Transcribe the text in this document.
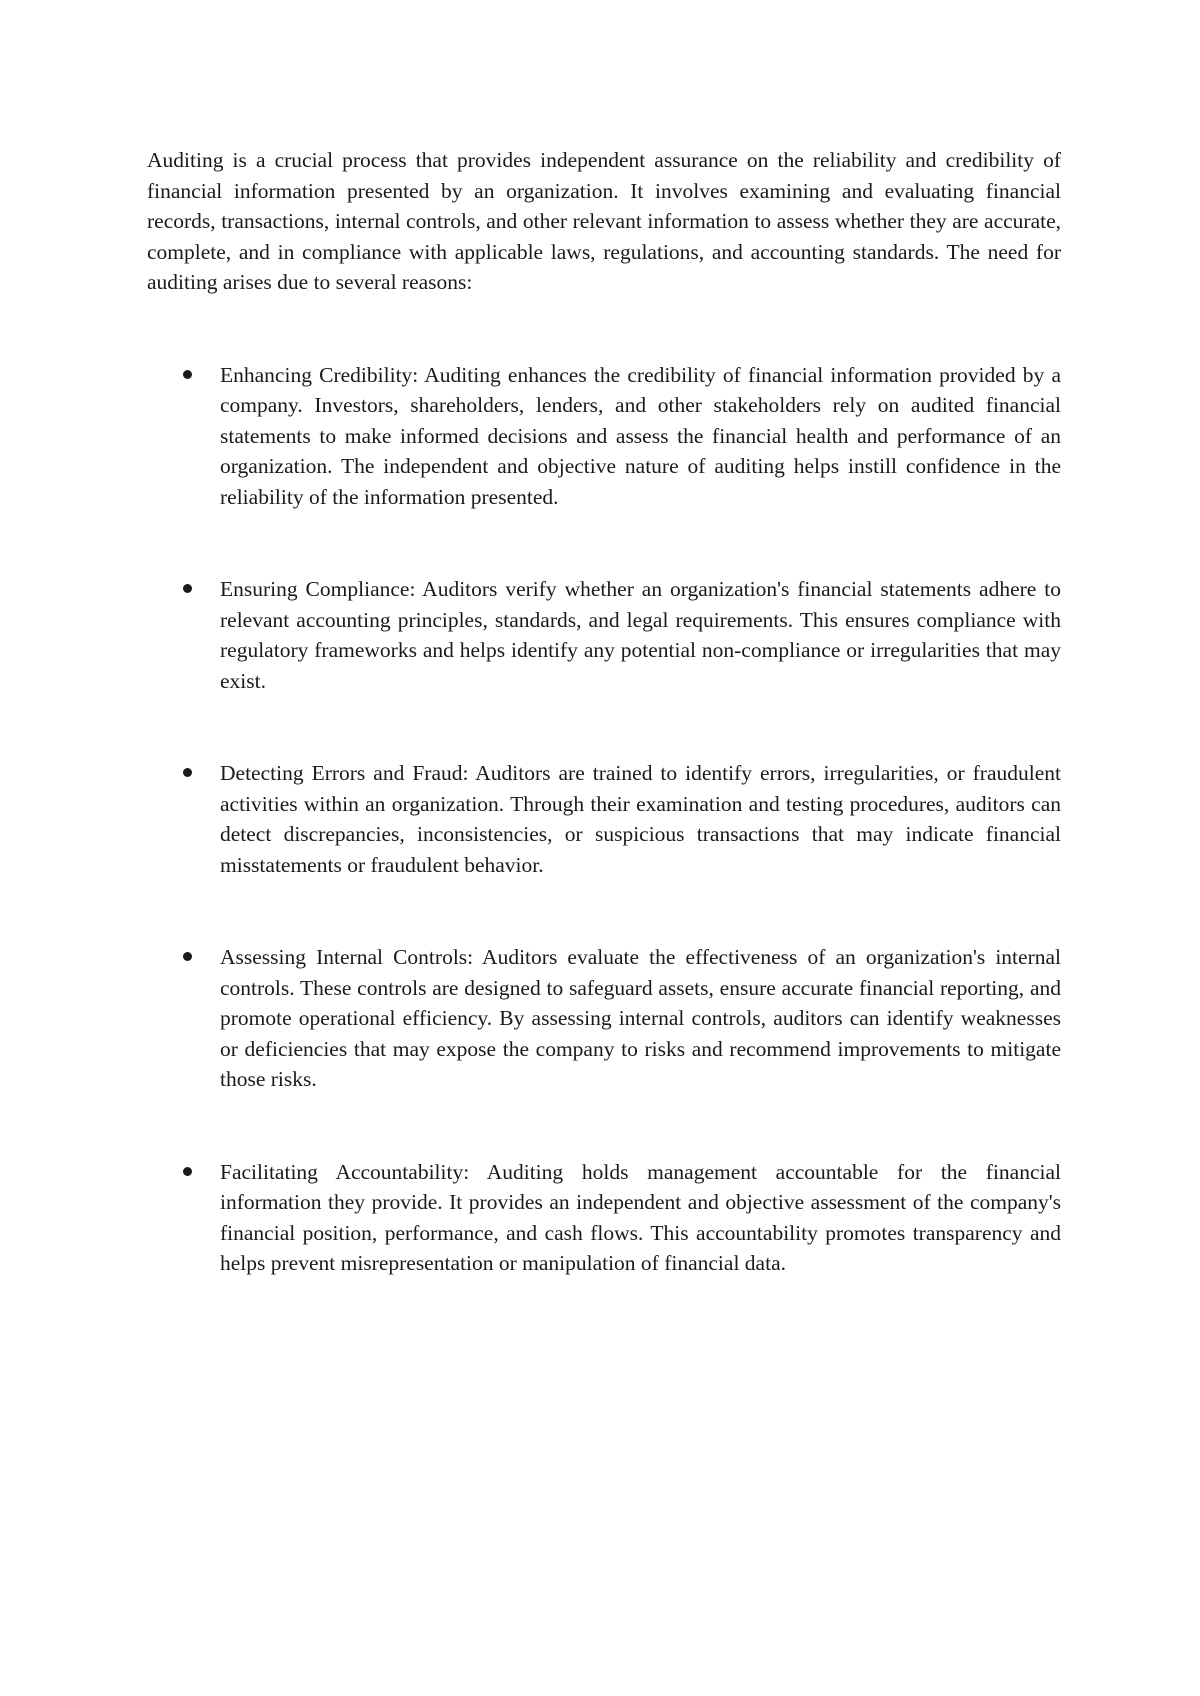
Auditing is a crucial process that provides independent assurance on the reliability and credibility of financial information presented by an organization. It involves examining and evaluating financial records, transactions, internal controls, and other relevant information to assess whether they are accurate, complete, and in compliance with applicable laws, regulations, and accounting standards. The need for auditing arises due to several reasons:

Enhancing Credibility: Auditing enhances the credibility of financial information provided by a company. Investors, shareholders, lenders, and other stakeholders rely on audited financial statements to make informed decisions and assess the financial health and performance of an organization. The independent and objective nature of auditing helps instill confidence in the reliability of the information presented.
Ensuring Compliance: Auditors verify whether an organization's financial statements adhere to relevant accounting principles, standards, and legal requirements. This ensures compliance with regulatory frameworks and helps identify any potential non-compliance or irregularities that may exist.
Detecting Errors and Fraud: Auditors are trained to identify errors, irregularities, or fraudulent activities within an organization. Through their examination and testing procedures, auditors can detect discrepancies, inconsistencies, or suspicious transactions that may indicate financial misstatements or fraudulent behavior.
Assessing Internal Controls: Auditors evaluate the effectiveness of an organization's internal controls. These controls are designed to safeguard assets, ensure accurate financial reporting, and promote operational efficiency. By assessing internal controls, auditors can identify weaknesses or deficiencies that may expose the company to risks and recommend improvements to mitigate those risks.
Facilitating Accountability: Auditing holds management accountable for the financial information they provide. It provides an independent and objective assessment of the company's financial position, performance, and cash flows. This accountability promotes transparency and helps prevent misrepresentation or manipulation of financial data.
